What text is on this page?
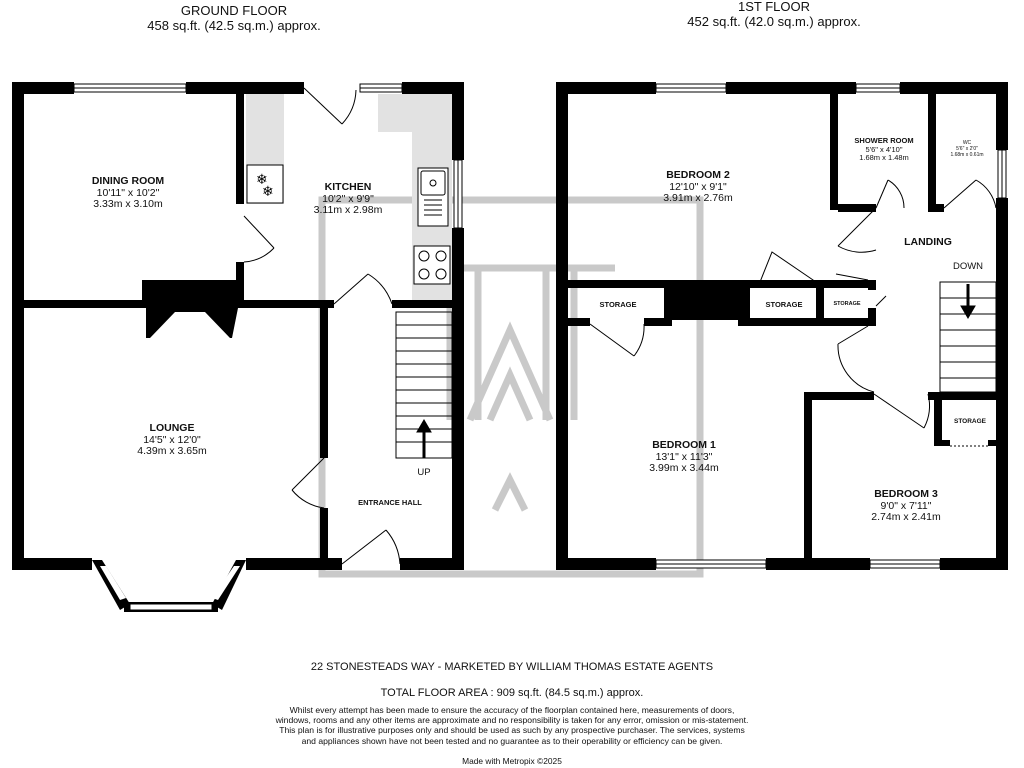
❄
❄
GROUND FLOOR
458 sq.ft. (42.5 sq.m.) approx.
1ST FLOOR
452 sq.ft. (42.0 sq.m.) approx.
DINING ROOM
10'11" x 10'2"
3.33m x 3.10m
KITCHEN
10'2" x 9'9"
3.11m x 2.98m
LOUNGE
14'5" x 12'0"
4.39m x 3.65m
ENTRANCE HALL
UP
BEDROOM 2
12'10" x 9'1"
3.91m x 2.76m
SHOWER ROOM
5'6" x 4'10"
1.68m x 1.48m
WC
5'6" x 2'0"
1.68m x 0.61m
LANDING
DOWN
BEDROOM 1
13'1" x 11'3"
3.99m x 3.44m
BEDROOM 3
9'0" x 7'11"
2.74m x 2.41m
STORAGE	STORAGE	STORAGE
STORAGE
22 STONESTEADS WAY - MARKETED BY WILLIAM THOMAS ESTATE AGENTS
TOTAL FLOOR AREA : 909 sq.ft. (84.5 sq.m.) approx.
Whilst every attempt has been made to ensure the accuracy of the floorplan contained here, measurements of doors, windows, rooms and any other items are approximate and no responsibility is taken for any error, omission or mis-statement. This plan is for illustrative purposes only and should be used as such by any prospective purchaser. The services, systems and appliances shown have not been tested and no guarantee as to their operability or efficiency can be given.
Made with Metropix ©2025
